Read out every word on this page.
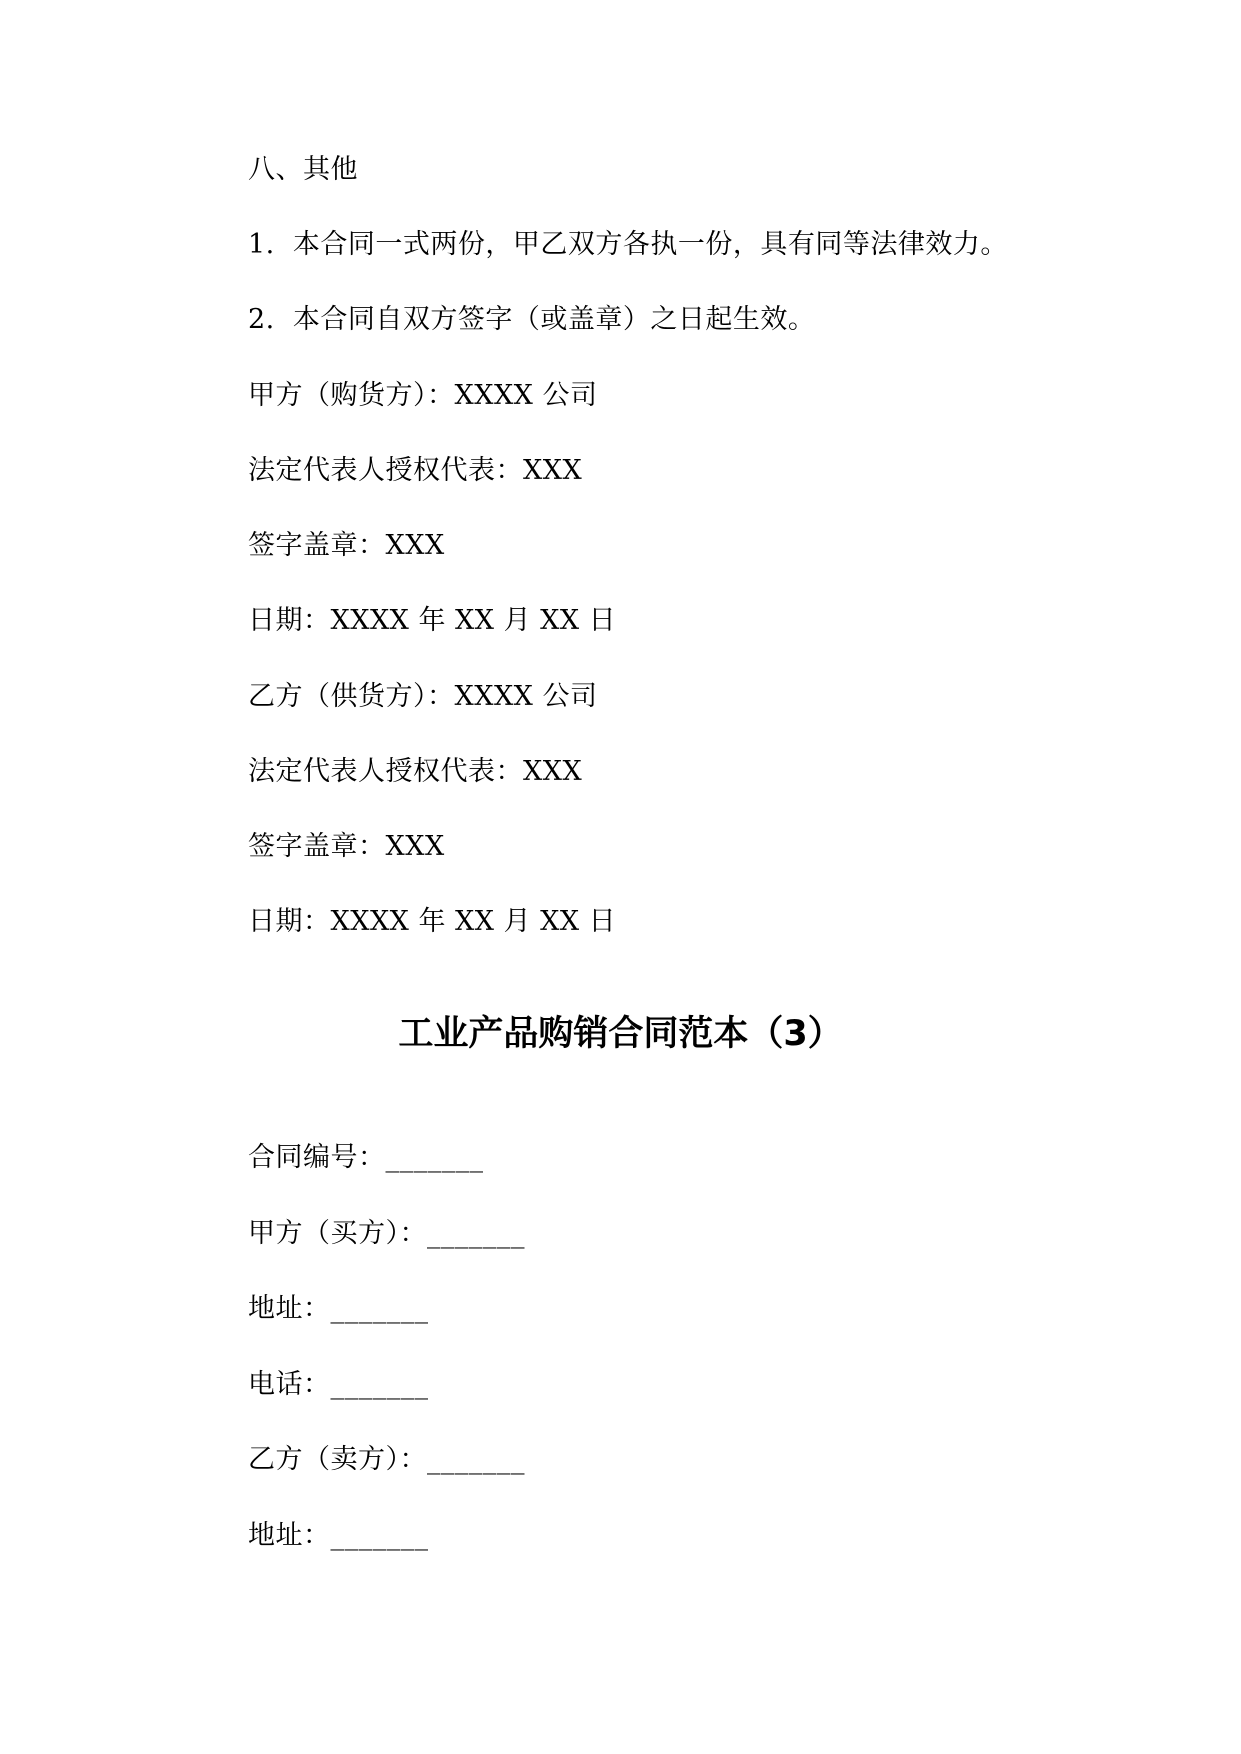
八、其他
1.  本合同一式两份，甲乙双方各执一份，具有同等法律效力。
2.  本合同自双方签字（或盖章）之日起生效。
甲方（购货方）：XXXX 公司
法定代表人授权代表：XXX
签字盖章：XXX
日期：XXXX 年 XX 月 XX 日
乙方（供货方）：XXXX 公司
法定代表人授权代表：XXX
签字盖章：XXX
日期：XXXX 年 XX 月 XX 日
工业产品购销合同范本（3）
合同编号：_______
甲方（买方）：_______
地址：_______
电话：_______
乙方（卖方）：_______
地址：_______
